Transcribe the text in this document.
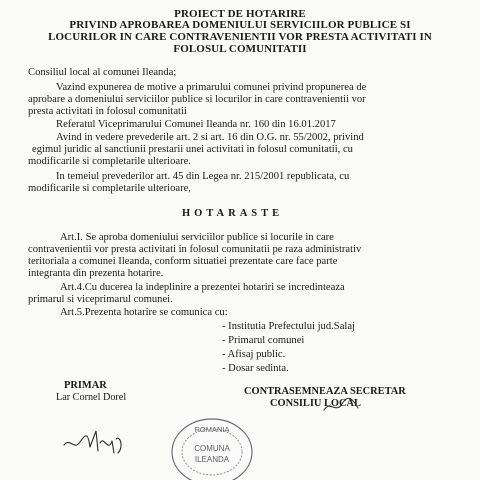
PROIECT DE HOTARIRE
PRIVIND APROBAREA DOMENIULUI SERVICIILOR PUBLICE SI
LOCURILOR IN CARE CONTRAVENIENTII VOR PRESTA ACTIVITATI IN
FOLOSUL COMUNITATII
Consiliul local al comunei Ileanda;
Vazind expunerea de motive a primarului comunei privind propunerea de
aprobare a domeniului serviciilor publice si locurilor in care contravenientii vor
presta activitati in folosul comunitatii
Referatul Viceprimarului Comunei Ileanda nr. 160 din 16.01.2017
Avind in vedere prevederile art. 2 si art. 16 din O.G. nr. 55/2002, privind
egimul juridic al sanctiunii prestarii unei activitati in folosul comunitatii, cu
modificarile si completarile ulterioare.
In temeiul prevederilor art. 45 din Legea nr. 215/2001 republicata, cu
modificarile si completarile ulterioare,
HOTARASTE
Art.I. Se aproba domeniului serviciilor publice si locurile in care
contravenientii vor presta activitati in folosul comunitatii pe raza administrativ
teritoriala a comunei Ileanda, conform situatiei prezentate care face parte
integranta din prezenta hotarire.
Art.4.Cu ducerea la indeplinire a prezentei hotariri se incredinteaza
primarul si viceprimarul comunei.
Art.5.Prezenta hotarire se comunica cu:
- Institutia Prefectului jud.Salaj
- Primarul comunei
- Afisaj public.
- Dosar sedinta.
PRIMAR
Lar Cornel Dorel
CONTRASEMNEAZA SECRETAR
CONSILIU LOCAL
ROMANIA
COMUNA
ILEANDA
